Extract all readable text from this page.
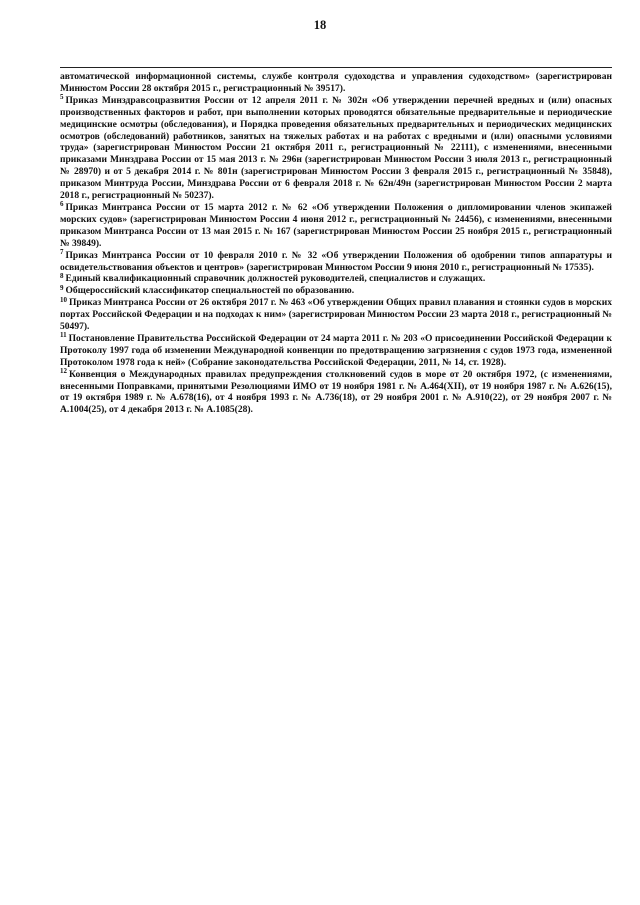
18

автоматической информационной системы, службе контроля судоходства и управления судоходством» (зарегистрирован Минюстом России 28 октября 2015 г., регистрационный № 39517).

$^5$ Приказ Минздравсоцразвития России от 12 апреля 2011 г. № 302н «Об утверждении перечней вредных и (или) опасных производственных факторов и работ, при выполнении которых проводятся обязательные предварительные и периодические медицинские осмотры (обследования), и Порядка проведения обязательных предварительных и периодических медицинских осмотров (обследований) работников, занятых на тяжелых работах и на работах с вредными и (или) опасными условиями труда» (зарегистрирован Минюстом России 21 октября 2011 г., регистрационный № 22111), с изменениями, внесенными приказами Минздрава России от 15 мая 2013 г. № 296н (зарегистрирован Минюстом России 3 июля 2013 г., регистрационный № 28970) и от 5 декабря 2014 г. № 801н (зарегистрирован Минюстом России 3 февраля 2015 г., регистрационный № 35848), приказом Минтруда России, Минздрава России от 6 февраля 2018 г. № 62н/49н (зарегистрирован Минюстом России 2 марта 2018 г., регистрационный № 50237).

$^6$ Приказ Минтранса России от 15 марта 2012 г. № 62 «Об утверждении Положения о дипломировании членов экипажей морских судов» (зарегистрирован Минюстом России 4 июня 2012 г., регистрационный № 24456), с изменениями, внесенными приказом Минтранса России от 13 мая 2015 г. № 167 (зарегистрирован Минюстом России 25 ноября 2015 г., регистрационный № 39849).

$^7$ Приказ Минтранса России от 10 февраля 2010 г. № 32 «Об утверждении Положения об одобрении типов аппаратуры и освидетельствования объектов и центров» (зарегистрирован Минюстом России 9 июня 2010 г., регистрационный № 17535).

$^8$ Единый квалификационный справочник должностей руководителей, специалистов и служащих.

$^9$ Общероссийский классификатор специальностей по образованию.

$^{10}$ Приказ Минтранса России от 26 октября 2017 г. № 463 «Об утверждении Общих правил плавания и стоянки судов в морских портах Российской Федерации и на подходах к ним» (зарегистрирован Минюстом России 23 марта 2018 г., регистрационный № 50497).

$^{11}$ Постановление Правительства Российской Федерации от 24 марта 2011 г. № 203 «О присоединении Российской Федерации к Протоколу 1997 года об изменении Международной конвенции по предотвращению загрязнения с судов 1973 года, измененной Протоколом 1978 года к ней» (Собрание законодательства Российской Федерации, 2011, № 14, ст. 1928).

$^{12}$ Конвенция о Международных правилах предупреждения столкновений судов в море от 20 октября 1972, (с изменениями, внесенными Поправками, принятыми Резолюциями ИМО от 19 ноября 1981 г. № A.464(XII), от 19 ноября 1987 г. № A.626(15), от 19 октября 1989 г. № A.678(16), от 4 ноября 1993 г. № A.736(18), от 29 ноября 2001 г. № A.910(22), от 29 ноября 2007 г. № A.1004(25), от 4 декабря 2013 г. № A.1085(28).
